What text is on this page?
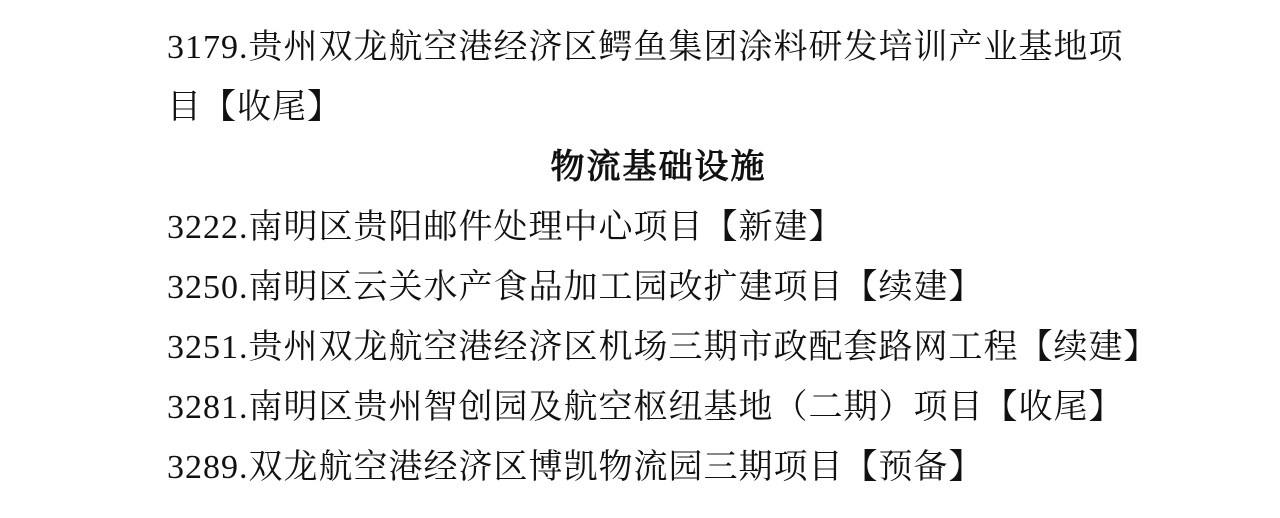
3179.贵州双龙航空港经济区鳄鱼集团涂料研发培训产业基地项
目【收尾】
物流基础设施
3222.南明区贵阳邮件处理中心项目【新建】
3250.南明区云关水产食品加工园改扩建项目【续建】
3251.贵州双龙航空港经济区机场三期市政配套路网工程【续建】
3281.南明区贵州智创园及航空枢纽基地（二期）项目【收尾】
3289.双龙航空港经济区博凯物流园三期项目【预备】
